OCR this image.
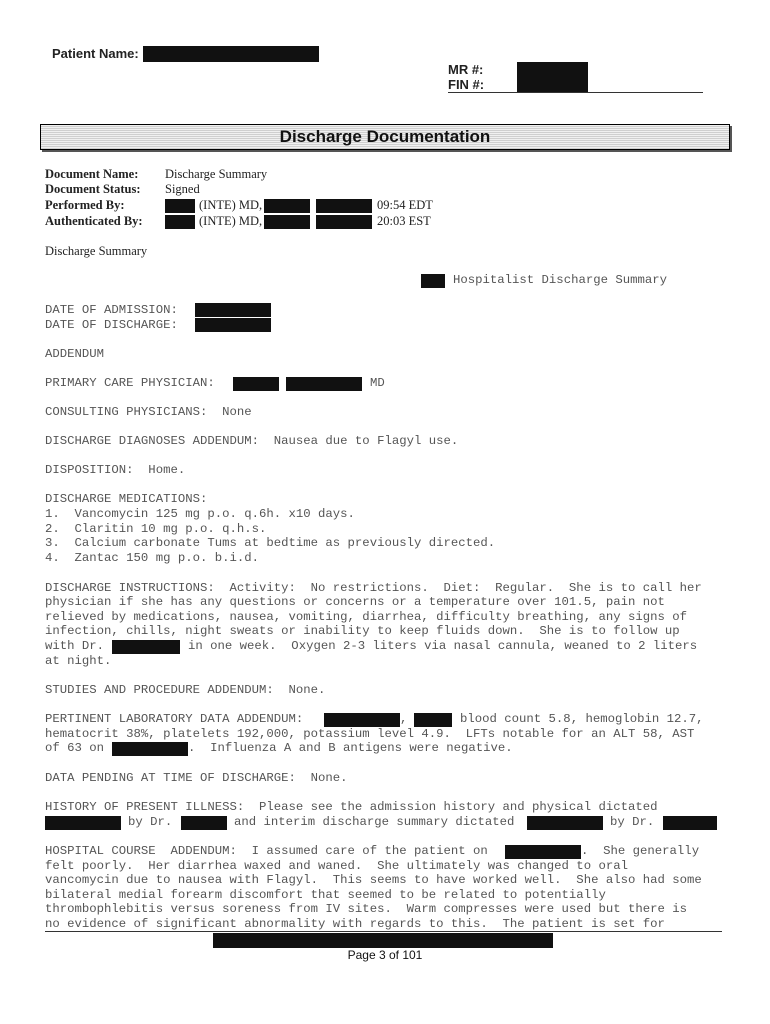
Patient Name:
MR #:
FIN #:
Discharge Documentation
Document Name: Discharge Summary
Document Status: Signed
Performed By:	(INTE) MD,	09:54 EDT
Authenticated By:	(INTE) MD,	20:03 EST
Discharge Summary
Hospitalist Discharge Summary
DATE OF ADMISSION:
DATE OF DISCHARGE:
ADDENDUM
PRIMARY CARE PHYSICIAN:	MD
CONSULTING PHYSICIANS:  None
DISCHARGE DIAGNOSES ADDENDUM:  Nausea due to Flagyl use.
DISPOSITION:  Home.
DISCHARGE MEDICATIONS:
1.  Vancomycin 125 mg p.o. q.6h. x10 days.
2.  Claritin 10 mg p.o. q.h.s.
3.  Calcium carbonate Tums at bedtime as previously directed.
4.  Zantac 150 mg p.o. b.i.d.
DISCHARGE INSTRUCTIONS:  Activity:  No restrictions.  Diet:  Regular.  She is to call her
physician if she has any questions or concerns or a temperature over 101.5, pain not
relieved by medications, nausea, vomiting, diarrhea, difficulty breathing, any signs of
infection, chills, night sweats or inability to keep fluids down.  She is to follow up
with Dr.	in one week.  Oxygen 2-3 liters via nasal cannula, weaned to 2 liters
at night.
STUDIES AND PROCEDURE ADDENDUM:  None.
PERTINENT LABORATORY DATA ADDENDUM:	,	blood count 5.8, hemoglobin 12.7,
hematocrit 38%, platelets 192,000, potassium level 4.9.  LFTs notable for an ALT 58, AST
of 63 on	.  Influenza A and B antigens were negative.
DATA PENDING AT TIME OF DISCHARGE:  None.
HISTORY OF PRESENT ILLNESS:  Please see the admission history and physical dictated
by Dr.	and interim discharge summary dictated	by Dr.
HOSPITAL COURSE  ADDENDUM:  I assumed care of the patient on	.  She generally
felt poorly.  Her diarrhea waxed and waned.  She ultimately was changed to oral
vancomycin due to nausea with Flagyl.  This seems to have worked well.  She also had some
bilateral medial forearm discomfort that seemed to be related to potentially
thrombophlebitis versus soreness from IV sites.  Warm compresses were used but there is
no evidence of significant abnormality with regards to this.  The patient is set for
Page 3 of 101
